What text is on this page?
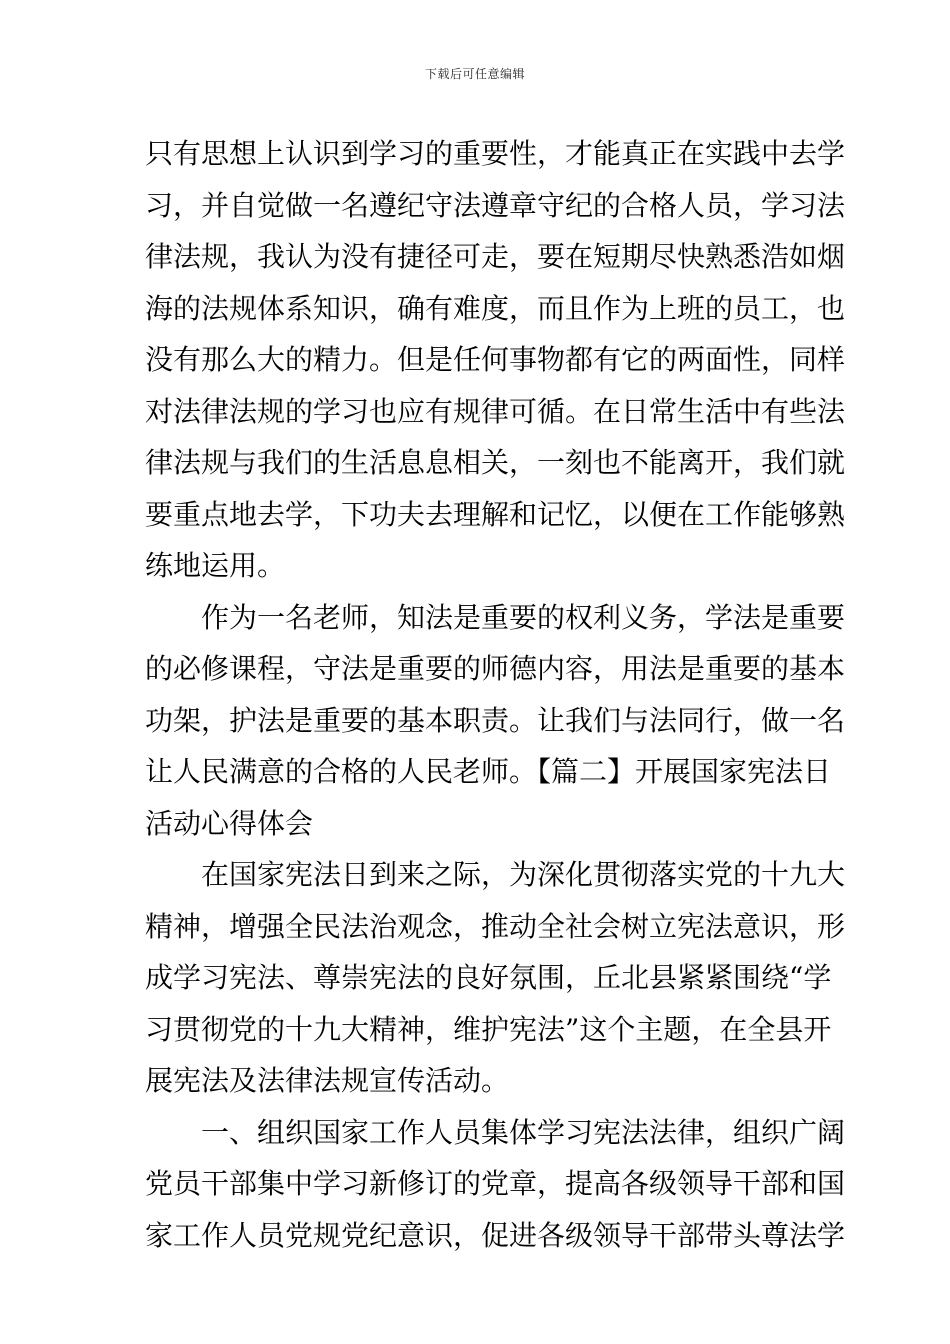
下载后可任意编辑
只有思想上认识到学习的重要性，才能真正在实践中去学
习，并自觉做一名遵纪守法遵章守纪的合格人员，学习法
律法规，我认为没有捷径可走，要在短期尽快熟悉浩如烟
海的法规体系知识，确有难度，而且作为上班的员工，也
没有那么大的精力。但是任何事物都有它的两面性，同样
对法律法规的学习也应有规律可循。在日常生活中有些法
律法规与我们的生活息息相关，一刻也不能离开，我们就
要重点地去学，下功夫去理解和记忆，以便在工作能够熟
练地运用。
作为一名老师，知法是重要的权利义务，学法是重要
的必修课程，守法是重要的师德内容，用法是重要的基本
功架，护法是重要的基本职责。让我们与法同行，做一名
让人民满意的合格的人民老师。【篇二】开展国家宪法日
活动心得体会
在国家宪法日到来之际，为深化贯彻落实党的十九大
精神，增强全民法治观念，推动全社会树立宪法意识，形
成学习宪法、尊崇宪法的良好氛围，丘北县紧紧围绕“学
习贯彻党的十九大精神，维护宪法”这个主题，在全县开
展宪法及法律法规宣传活动。
一、组织国家工作人员集体学习宪法法律，组织广阔
党员干部集中学习新修订的党章，提高各级领导干部和国
家工作人员党规党纪意识，促进各级领导干部带头尊法学
